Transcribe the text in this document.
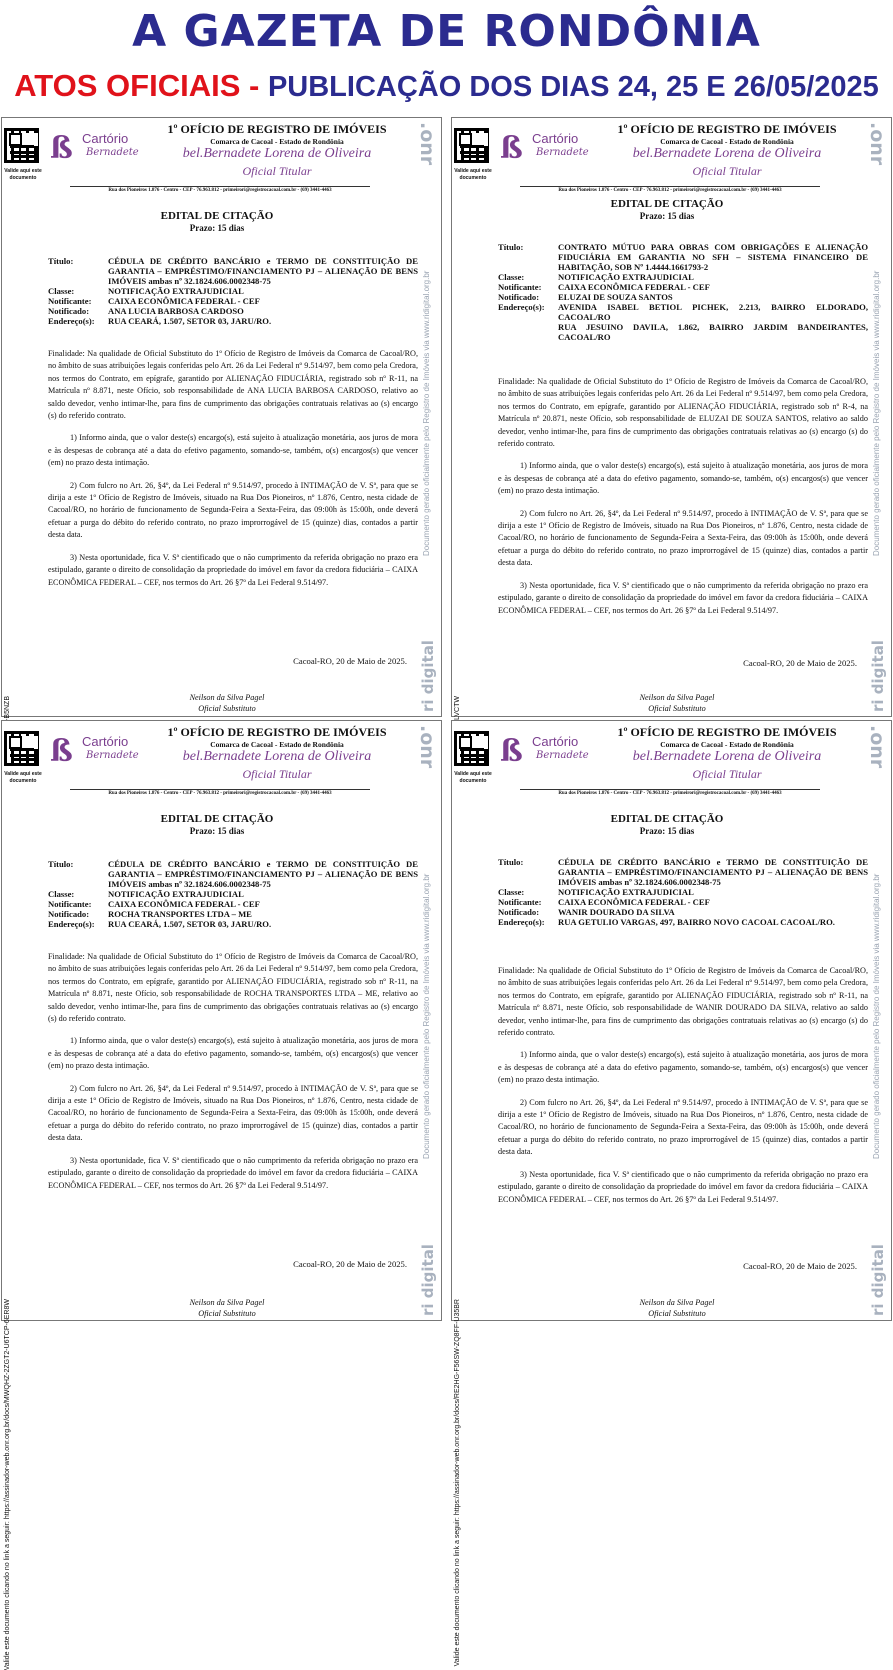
A GAZETA DE RONDÔNIA
ATOS OFICIAIS - PUBLICAÇÃO DOS DIAS 24, 25 E 26/05/2025
Valide aqui este documento
ß Cartório
Bernadete
1º OFÍCIO DE REGISTRO DE IMÓVEIS
Comarca de Cacoal - Estado de Rondônia
bel.Bernadete Lorena de Oliveira
Oficial Titular
Rua dos Pioneiros 1.876 - Centro - CEP - 76.963.812 - primeirori@registrocacoal.com.br - (69) 3441-4463
.onr
Documento gerado oficialmente pelo Registro de Imóveis via www.ridigital.org.br
ri digital
EDITAL DE CITAÇÃO
Prazo: 15 dias
Título:	CÉDULA DE CRÉDITO BANCÁRIO e TERMO DE CONSTITUIÇÃO DE GARANTIA – EMPRÉSTIMO/FINANCIAMENTO PJ – ALIENAÇÃO DE BENS IMÓVEIS ambas nº 32.1824.606.0002348-75
Classe:	NOTIFICAÇÃO EXTRAJUDICIAL
Notificante:	CAIXA ECONÔMICA FEDERAL - CEF
Notificado:	ANA LUCIA BARBOSA CARDOSO
Endereço(s):	RUA CEARÁ, 1.507, SETOR 03, JARU/RO.

Finalidade: Na qualidade de Oficial Substituto do 1º Ofício de Registro de Imóveis da Comarca de Cacoal/RO, no âmbito de suas atribuições legais conferidas pelo Art. 26 da Lei Federal nº 9.514/97, bem como pela Credora, nos termos do Contrato, em epígrafe, garantido por ALIENAÇÃO FIDUCIÁRIA, registrado sob nº R-11, na Matrícula nº 8.871, neste Ofício, sob responsabilidade de ANA LUCIA BARBOSA CARDOSO, relativo ao saldo devedor, venho intimar-lhe, para fins de cumprimento das obrigações contratuais relativas ao (s) encargo (s) do referido contrato.

1) Informo ainda, que o valor deste(s) encargo(s), está sujeito à atualização monetária, aos juros de mora e às despesas de cobrança até a data do efetivo pagamento, somando-se, também, o(s) encargos(s) que vencer (em) no prazo desta intimação.

2) Com fulcro no Art. 26, §4º, da Lei Federal nº 9.514/97, procedo à INTIMAÇÃO de V. Sª, para que se dirija a este 1º Ofício de Registro de Imóveis, situado na Rua Dos Pioneiros, nº 1.876, Centro, nesta cidade de Cacoal/RO, no horário de funcionamento de Segunda-Feira a Sexta-Feira, das 09:00h às 15:00h, onde deverá efetuar a purga do débito do referido contrato, no prazo improrrogável de 15 (quinze) dias, contados a partir desta data.

3) Nesta oportunidade, fica V. Sª cientificado que o não cumprimento da referida obrigação no prazo era estipulado, garante o direito de consolidação da propriedade do imóvel em favor da credora fiduciária – CAIXA ECONÔMICA FEDERAL – CEF, nos termos do Art. 26 §7º da Lei Federal 9.514/97.

Cacoal-RO, 20 de Maio de 2025.
Neilson da Silva Pagel
Oficial Substituto
Valide aqui este documento
ß Cartório
Bernadete
1º OFÍCIO DE REGISTRO DE IMÓVEIS
Comarca de Cacoal - Estado de Rondônia
bel.Bernadete Lorena de Oliveira
Oficial Titular
Rua dos Pioneiros 1.876 - Centro - CEP - 76.963.812 - primeirori@registrocacoal.com.br - (69) 3441-4463
.onr
Documento gerado oficialmente pelo Registro de Imóveis via www.ridigital.org.br
ri digital
EDITAL DE CITAÇÃO
Prazo: 15 dias
Título:	CONTRATO MÚTUO PARA OBRAS COM OBRIGAÇÕES E ALIENAÇÃO FIDUCIÁRIA EM GARANTIA NO SFH – SISTEMA FINANCEIRO DE HABITAÇÃO, SOB Nº 1.4444.1661793-2
Classe:	NOTIFICAÇÃO EXTRAJUDICIAL
Notificante:	CAIXA ECONÔMICA FEDERAL - CEF
Notificado:	ELUZAI DE SOUZA SANTOS
Endereço(s):	AVENIDA ISABEL BETIOL PICHEK, 2.213, BAIRRO ELDORADO, CACOAL/RO
RUA JESUINO DAVILA, 1.862, BAIRRO JARDIM BANDEIRANTES, CACOAL/RO

Finalidade: Na qualidade de Oficial Substituto do 1º Ofício de Registro de Imóveis da Comarca de Cacoal/RO, no âmbito de suas atribuições legais conferidas pelo Art. 26 da Lei Federal nº 9.514/97, bem como pela Credora, nos termos do Contrato, em epígrafe, garantido por ALIENAÇÃO FIDUCIÁRIA, registrado sob nº R-4, na Matrícula nº 20.871, neste Ofício, sob responsabilidade de ELUZAI DE SOUZA SANTOS, relativo ao saldo devedor, venho intimar-lhe, para fins de cumprimento das obrigações contratuais relativas ao (s) encargo (s) do referido contrato.

1) Informo ainda, que o valor deste(s) encargo(s), está sujeito à atualização monetária, aos juros de mora e às despesas de cobrança até a data do efetivo pagamento, somando-se, também, o(s) encargos(s) que vencer (em) no prazo desta intimação.

2) Com fulcro no Art. 26, §4º, da Lei Federal nº 9.514/97, procedo à INTIMAÇÃO de V. Sª, para que se dirija a este 1º Ofício de Registro de Imóveis, situado na Rua Dos Pioneiros, nº 1.876, Centro, nesta cidade de Cacoal/RO, no horário de funcionamento de Segunda-Feira a Sexta-Feira, das 09:00h às 15:00h, onde deverá efetuar a purga do débito do referido contrato, no prazo improrrogável de 15 (quinze) dias, contados a partir desta data.

3) Nesta oportunidade, fica V. Sª cientificado que o não cumprimento da referida obrigação no prazo era estipulado, garante o direito de consolidação da propriedade do imóvel em favor da credora fiduciária – CAIXA ECONÔMICA FEDERAL – CEF, nos termos do Art. 26 §7º da Lei Federal 9.514/97.

Cacoal-RO, 20 de Maio de 2025.
Neilson da Silva Pagel
Oficial Substituto
Valide aqui este documento
ß Cartório
Bernadete
1º OFÍCIO DE REGISTRO DE IMÓVEIS
Comarca de Cacoal - Estado de Rondônia
bel.Bernadete Lorena de Oliveira
Oficial Titular
Rua dos Pioneiros 1.876 - Centro - CEP - 76.963.812 - primeirori@registrocacoal.com.br - (69) 3441-4463
Valide este documento clicando no link a seguir: https://assinador-web.onr.org.br/docs/MWQHZ-2ZGT2-U6TCP-6ER8W
.onr
Documento gerado oficialmente pelo Registro de Imóveis via www.ridigital.org.br
ri digital
EDITAL DE CITAÇÃO
Prazo: 15 dias
Título:	CÉDULA DE CRÉDITO BANCÁRIO e TERMO DE CONSTITUIÇÃO DE GARANTIA – EMPRÉSTIMO/FINANCIAMENTO PJ – ALIENAÇÃO DE BENS IMÓVEIS ambas nº 32.1824.606.0002348-75
Classe:	NOTIFICAÇÃO EXTRAJUDICIAL
Notificante:	CAIXA ECONÔMICA FEDERAL - CEF
Notificado:	ROCHA TRANSPORTES LTDA – ME
Endereço(s):	RUA CEARÁ, 1.507, SETOR 03, JARU/RO.

Finalidade: Na qualidade de Oficial Substituto do 1º Ofício de Registro de Imóveis da Comarca de Cacoal/RO, no âmbito de suas atribuições legais conferidas pelo Art. 26 da Lei Federal nº 9.514/97, bem como pela Credora, nos termos do Contrato, em epígrafe, garantido por ALIENAÇÃO FIDUCIÁRIA, registrado sob nº R-11, na Matrícula nº 8.871, neste Ofício, sob responsabilidade de ROCHA TRANSPORTES LTDA – ME, relativo ao saldo devedor, venho intimar-lhe, para fins de cumprimento das obrigações contratuais relativas ao (s) encargo (s) do referido contrato.

1) Informo ainda, que o valor deste(s) encargo(s), está sujeito à atualização monetária, aos juros de mora e às despesas de cobrança até a data do efetivo pagamento, somando-se, também, o(s) encargos(s) que vencer (em) no prazo desta intimação.

2) Com fulcro no Art. 26, §4º, da Lei Federal nº 9.514/97, procedo à INTIMAÇÃO de V. Sª, para que se dirija a este 1º Ofício de Registro de Imóveis, situado na Rua Dos Pioneiros, nº 1.876, Centro, nesta cidade de Cacoal/RO, no horário de funcionamento de Segunda-Feira a Sexta-Feira, das 09:00h às 15:00h, onde deverá efetuar a purga do débito do referido contrato, no prazo improrrogável de 15 (quinze) dias, contados a partir desta data.

3) Nesta oportunidade, fica V. Sª cientificado que o não cumprimento da referida obrigação no prazo era estipulado, garante o direito de consolidação da propriedade do imóvel em favor da credora fiduciária – CAIXA ECONÔMICA FEDERAL – CEF, nos termos do Art. 26 §7º da Lei Federal 9.514/97.

Cacoal-RO, 20 de Maio de 2025.
Neilson da Silva Pagel
Oficial Substituto
Valide aqui este documento
ß Cartório
Bernadete
1º OFÍCIO DE REGISTRO DE IMÓVEIS
Comarca de Cacoal - Estado de Rondônia
bel.Bernadete Lorena de Oliveira
Oficial Titular
Rua dos Pioneiros 1.876 - Centro - CEP - 76.963.812 - primeirori@registrocacoal.com.br - (69) 3441-4463
Valide este documento clicando no link a seguir: https://assinador-web.onr.org.br/docs/RE2HG-F56SW-ZQ8FF-U35BR
.onr
Documento gerado oficialmente pelo Registro de Imóveis via www.ridigital.org.br
ri digital
EDITAL DE CITAÇÃO
Prazo: 15 dias
Título:	CÉDULA DE CRÉDITO BANCÁRIO e TERMO DE CONSTITUIÇÃO DE GARANTIA – EMPRÉSTIMO/FINANCIAMENTO PJ – ALIENAÇÃO DE BENS IMÓVEIS ambas nº 32.1824.606.0002348-75
Classe:	NOTIFICAÇÃO EXTRAJUDICIAL
Notificante:	CAIXA ECONÔMICA FEDERAL - CEF
Notificado:	WANIR DOURADO DA SILVA
Endereço(s):	RUA GETULIO VARGAS, 497, BAIRRO NOVO CACOAL CACOAL/RO.

Finalidade: Na qualidade de Oficial Substituto do 1º Ofício de Registro de Imóveis da Comarca de Cacoal/RO, no âmbito de suas atribuições legais conferidas pelo Art. 26 da Lei Federal nº 9.514/97, bem como pela Credora, nos termos do Contrato, em epígrafe, garantido por ALIENAÇÃO FIDUCIÁRIA, registrado sob nº R-11, na Matrícula nº 8.871, neste Ofício, sob responsabilidade de WANIR DOURADO DA SILVA, relativo ao saldo devedor, venho intimar-lhe, para fins de cumprimento das obrigações contratuais relativas ao (s) encargo (s) do referido contrato.

1) Informo ainda, que o valor deste(s) encargo(s), está sujeito à atualização monetária, aos juros de mora e às despesas de cobrança até a data do efetivo pagamento, somando-se, também, o(s) encargos(s) que vencer (em) no prazo desta intimação.

2) Com fulcro no Art. 26, §4º, da Lei Federal nº 9.514/97, procedo à INTIMAÇÃO de V. Sª, para que se dirija a este 1º Ofício de Registro de Imóveis, situado na Rua Dos Pioneiros, nº 1.876, Centro, nesta cidade de Cacoal/RO, no horário de funcionamento de Segunda-Feira a Sexta-Feira, das 09:00h às 15:00h, onde deverá efetuar a purga do débito do referido contrato, no prazo improrrogável de 15 (quinze) dias, contados a partir desta data.

3) Nesta oportunidade, fica V. Sª cientificado que o não cumprimento da referida obrigação no prazo era estipulado, garante o direito de consolidação da propriedade do imóvel em favor da credora fiduciária – CAIXA ECONÔMICA FEDERAL – CEF, nos termos do Art. 26 §7º da Lei Federal 9.514/97.

Cacoal-RO, 20 de Maio de 2025.
Neilson da Silva Pagel
Oficial Substituto
